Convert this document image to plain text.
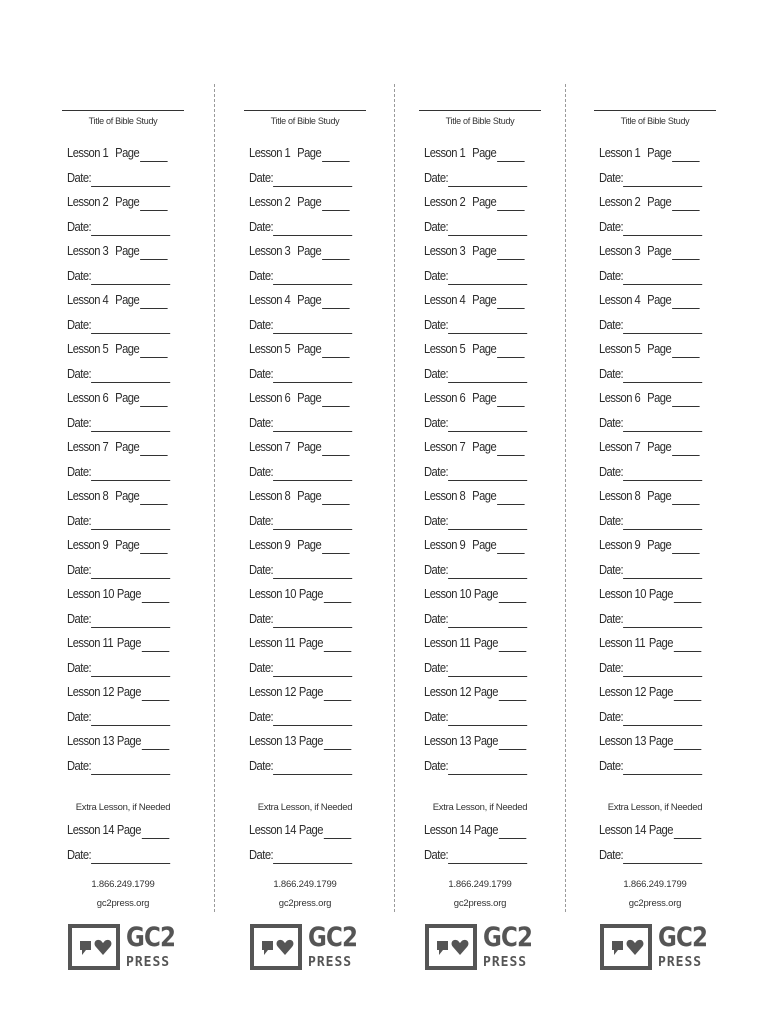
Title of Bible Study
Lesson 1 Page
Date:
Lesson 2 Page
Date:
Lesson 3 Page
Date:
Lesson 4 Page
Date:
Lesson 5 Page
Date:
Lesson 6 Page
Date:
Lesson 7 Page
Date:
Lesson 8 Page
Date:
Lesson 9 Page
Date:
Lesson 10 Page
Date:
Lesson 11 Page
Date:
Lesson 12 Page
Date:
Lesson 13 Page
Date:
Extra Lesson, if Needed
Lesson 14 Page
Date:
1.866.249.1799
gc2press.org
GC2
PRESS
Title of Bible Study
Lesson 1 Page
Date:
Lesson 2 Page
Date:
Lesson 3 Page
Date:
Lesson 4 Page
Date:
Lesson 5 Page
Date:
Lesson 6 Page
Date:
Lesson 7 Page
Date:
Lesson 8 Page
Date:
Lesson 9 Page
Date:
Lesson 10 Page
Date:
Lesson 11 Page
Date:
Lesson 12 Page
Date:
Lesson 13 Page
Date:
Extra Lesson, if Needed
Lesson 14 Page
Date:
1.866.249.1799
gc2press.org
GC2
PRESS
Title of Bible Study
Lesson 1 Page
Date:
Lesson 2 Page
Date:
Lesson 3 Page
Date:
Lesson 4 Page
Date:
Lesson 5 Page
Date:
Lesson 6 Page
Date:
Lesson 7 Page
Date:
Lesson 8 Page
Date:
Lesson 9 Page
Date:
Lesson 10 Page
Date:
Lesson 11 Page
Date:
Lesson 12 Page
Date:
Lesson 13 Page
Date:
Extra Lesson, if Needed
Lesson 14 Page
Date:
1.866.249.1799
gc2press.org
GC2
PRESS
Title of Bible Study
Lesson 1 Page
Date:
Lesson 2 Page
Date:
Lesson 3 Page
Date:
Lesson 4 Page
Date:
Lesson 5 Page
Date:
Lesson 6 Page
Date:
Lesson 7 Page
Date:
Lesson 8 Page
Date:
Lesson 9 Page
Date:
Lesson 10 Page
Date:
Lesson 11 Page
Date:
Lesson 12 Page
Date:
Lesson 13 Page
Date:
Extra Lesson, if Needed
Lesson 14 Page
Date:
1.866.249.1799
gc2press.org
GC2
PRESS
